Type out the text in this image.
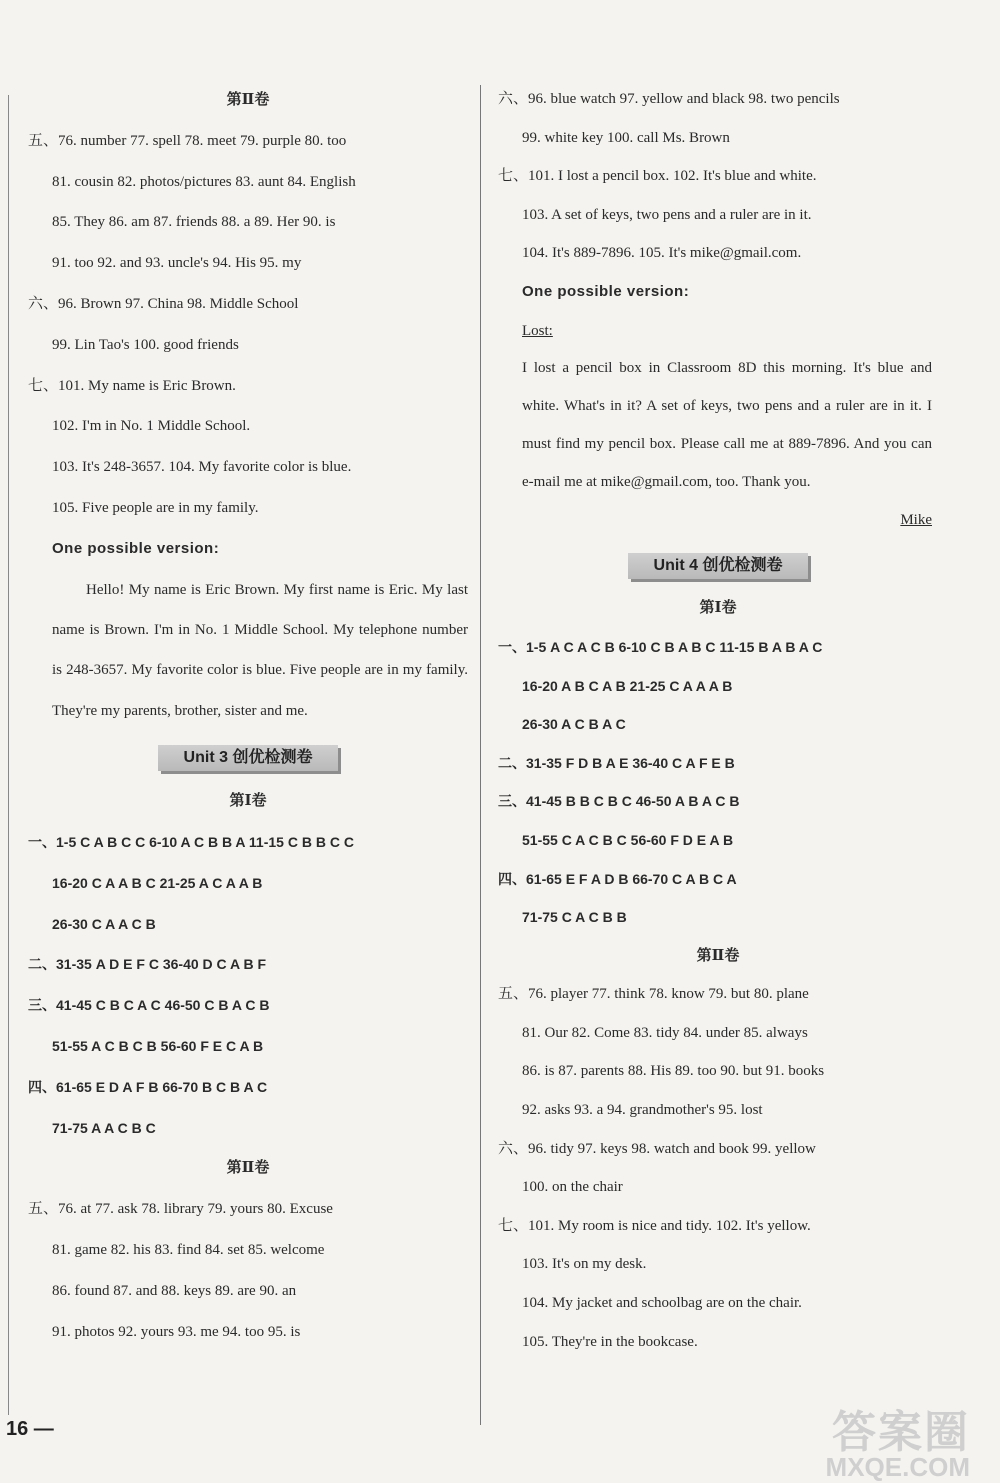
第Ⅱ卷
五、76. number 77. spell 78. meet 79. purple 80. too
81. cousin 82. photos/pictures 83. aunt 84. English
85. They 86. am 87. friends 88. a 89. Her 90. is
91. too 92. and 93. uncle's 94. His 95. my
六、96. Brown 97. China 98. Middle School
99. Lin Tao's 100. good friends
七、101. My name is Eric Brown.
102. I'm in No. 1 Middle School.
103. It's 248-3657. 104. My favorite color is blue.
105. Five people are in my family.
One possible version:
Hello! My name is Eric Brown. My first name is Eric. My last name is Brown. I'm in No. 1 Middle School. My telephone number is 248-3657. My favorite color is blue. Five people are in my family. They're my parents, brother, sister and me.
Unit 3 创优检测卷
第Ⅰ卷
一、1-5 C A B C C 6-10 A C B B A 11-15 C B B C C
16-20 C A A B C 21-25 A C A A B
26-30 C A A C B
二、31-35 A D E F C 36-40 D C A B F
三、41-45 C B C A C 46-50 C B A C B
51-55 A C B C B 56-60 F E C A B
四、61-65 E D A F B 66-70 B C B A C
71-75 A A C B C
第Ⅱ卷
五、76. at 77. ask 78. library 79. yours 80. Excuse
81. game 82. his 83. find 84. set 85. welcome
86. found 87. and 88. keys 89. are 90. an
91. photos 92. yours 93. me 94. too 95. is
六、96. blue watch 97. yellow and black 98. two pencils
99. white key 100. call Ms. Brown
七、101. I lost a pencil box. 102. It's blue and white.
103. A set of keys, two pens and a ruler are in it.
104. It's 889-7896. 105. It's mike@gmail.com.
One possible version:
Lost:
I lost a pencil box in Classroom 8D this morning. It's blue and white. What's in it? A set of keys, two pens and a ruler are in it. I must find my pencil box. Please call me at 889-7896. And you can e-mail me at mike@gmail.com, too. Thank you.
Mike
Unit 4 创优检测卷
第Ⅰ卷
一、1-5 A C A C B 6-10 C B A B C 11-15 B A B A C
16-20 A B C A B 21-25 C A A A B
26-30 A C B A C
二、31-35 F D B A E 36-40 C A F E B
三、41-45 B B C B C 46-50 A B A C B
51-55 C A C B C 56-60 F D E A B
四、61-65 E F A D B 66-70 C A B C A
71-75 C A C B B
第Ⅱ卷
五、76. player 77. think 78. know 79. but 80. plane
81. Our 82. Come 83. tidy 84. under 85. always
86. is 87. parents 88. His 89. too 90. but 91. books
92. asks 93. a 94. grandmother's 95. lost
六、96. tidy 97. keys 98. watch and book 99. yellow
100. on the chair
七、101. My room is nice and tidy. 102. It's yellow.
103. It's on my desk.
104. My jacket and schoolbag are on the chair.
105. They're in the bookcase.
16 —	答案圈
MXQE.COM
